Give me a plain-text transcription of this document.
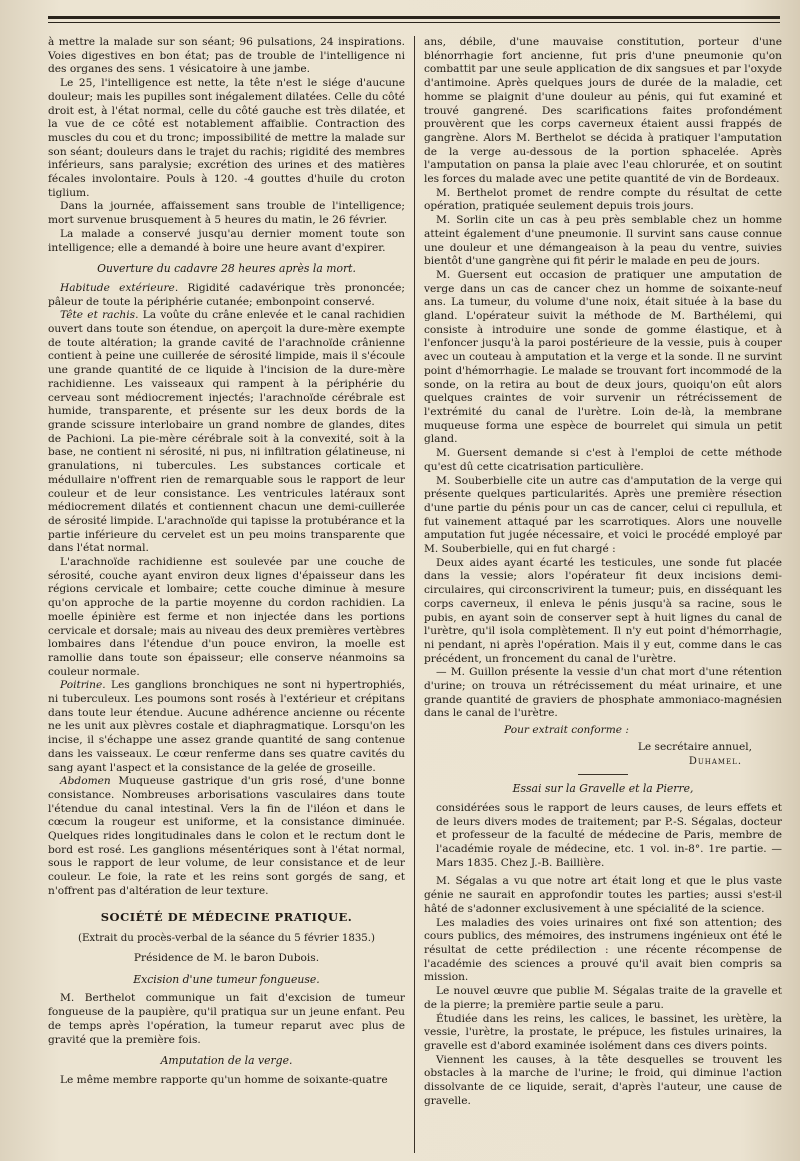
à mettre la malade sur son séant; 96 pulsations, 24 inspirations. Voies digestives en bon état; pas de trouble de l'intelligence ni des organes des sens. 1 vésicatoire à une jambe.

Le 25, l'intelligence est nette, la tête n'est le siége d'aucune douleur; mais les pupilles sont inégalement dilatées. Celle du côté droit est, à l'état normal, celle du côté gauche est très dilatée, et la vue de ce côté est notablement affaiblie. Contraction des muscles du cou et du tronc; impossibilité de mettre la malade sur son séant; douleurs dans le trajet du rachis; rigidité des membres inférieurs, sans paralysie; excrétion des urines et des matières fécales involontaire. Pouls à 120. -4 gouttes d'huile du croton tiglium.

Dans la journée, affaissement sans trouble de l'intelligence; mort survenue brusquement à 5 heures du matin, le 26 février.

La malade a conservé jusqu'au dernier moment toute son intelligence; elle a demandé à boire une heure avant d'expirer.

Ouverture du cadavre 28 heures après la mort.

Habitude extérieure. Rigidité cadavérique très prononcée; pâleur de toute la périphérie cutanée; embonpoint conservé.

Tête et rachis. La voûte du crâne enlevée et le canal rachidien ouvert dans toute son étendue, on aperçoit la dure-mère exempte de toute altération; la grande cavité de l'arachnoïde crânienne contient à peine une cuillerée de sérosité limpide, mais il s'écoule une grande quantité de ce liquide à l'incision de la dure-mère rachidienne. Les vaisseaux qui rampent à la périphérie du cerveau sont médiocrement injectés; l'arachnoïde cérébrale est humide, transparente, et présente sur les deux bords de la grande scissure interlobaire un grand nombre de glandes, dites de Pachioni. La pie-mère cérébrale soit à la convexité, soit à la base, ne contient ni sérosité, ni pus, ni infiltration gélatineuse, ni granulations, ni tubercules. Les substances corticale et médullaire n'offrent rien de remarquable sous le rapport de leur couleur et de leur consistance. Les ventricules latéraux sont médiocrement dilatés et contiennent chacun une demi-cuillerée de sérosité limpide. L'arachnoïde qui tapisse la protubérance et la partie inférieure du cervelet est un peu moins transparente que dans l'état normal.

L'arachnoïde rachidienne est soulevée par une couche de sérosité, couche ayant environ deux lignes d'épaisseur dans les régions cervicale et lombaire; cette couche diminue à mesure qu'on approche de la partie moyenne du cordon rachidien. La moelle épinière est ferme et non injectée dans les portions cervicale et dorsale; mais au niveau des deux premières vertèbres lombaires dans l'étendue d'un pouce environ, la moelle est ramollie dans toute son épaisseur; elle conserve néanmoins sa couleur normale.

Poitrine. Les ganglions bronchiques ne sont ni hypertrophiés, ni tuberculeux. Les poumons sont rosés à l'extérieur et crépitans dans toute leur étendue. Aucune adhérence ancienne ou récente ne les unit aux plèvres costale et diaphragmatique. Lorsqu'on les incise, il s'échappe une assez grande quantité de sang contenue dans les vaisseaux. Le cœur renferme dans ses quatre cavités du sang ayant l'aspect et la consistance de la gelée de groseille.

Abdomen Muqueuse gastrique d'un gris rosé, d'une bonne consistance. Nombreuses arborisations vasculaires dans toute l'étendue du canal intestinal. Vers la fin de l'iléon et dans le cœcum la rougeur est uniforme, et la consistance diminuée. Quelques rides longitudinales dans le colon et le rectum dont le bord est rosé. Les ganglions mésentériques sont à l'état normal, sous le rapport de leur volume, de leur consistance et de leur couleur. Le foie, la rate et les reins sont gorgés de sang, et n'offrent pas d'altération de leur texture.

SOCIÉTÉ DE MÉDECINE PRATIQUE.
(Extrait du procès-verbal de la séance du 5 février 1835.)
Présidence de M. le baron Dubois.
Excision d'une tumeur fongueuse.

M. Berthelot communique un fait d'excision de tumeur fongueuse de la paupière, qu'il pratiqua sur un jeune enfant. Peu de temps après l'opération, la tumeur reparut avec plus de gravité que la première fois.

Amputation de la verge.

Le même membre rapporte qu'un homme de soixante-quatre

ans, débile, d'une mauvaise constitution, porteur d'une blénorrhagie fort ancienne, fut pris d'une pneumonie qu'on combattit par une seule application de dix sangsues et par l'oxyde d'antimoine. Après quelques jours de durée de la maladie, cet homme se plaignit d'une douleur au pénis, qui fut examiné et trouvé gangrené. Des scarifications faites profondément prouvèrent que les corps caverneux étaient aussi frappés de gangrène. Alors M. Berthelot se décida à pratiquer l'amputation de la verge au-dessous de la portion sphacelée. Après l'amputation on pansa la plaie avec l'eau chlorurée, et on soutint les forces du malade avec une petite quantité de vin de Bordeaux.

M. Berthelot promet de rendre compte du résultat de cette opération, pratiquée seulement depuis trois jours.

M. Sorlin cite un cas à peu près semblable chez un homme atteint également d'une pneumonie. Il survint sans cause connue une douleur et une démangeaison à la peau du ventre, suivies bientôt d'une gangrène qui fit périr le malade en peu de jours.

M. Guersent eut occasion de pratiquer une amputation de verge dans un cas de cancer chez un homme de soixante-neuf ans. La tumeur, du volume d'une noix, était située à la base du gland. L'opérateur suivit la méthode de M. Barthélemi, qui consiste à introduire une sonde de gomme élastique, et à l'enfoncer jusqu'à la paroi postérieure de la vessie, puis à couper avec un couteau à amputation et la verge et la sonde. Il ne survint point d'hémorrhagie. Le malade se trouvant fort incommodé de la sonde, on la retira au bout de deux jours, quoiqu'on eût alors quelques craintes de voir survenir un rétrécissement de l'extrémité du canal de l'urètre. Loin de-là, la membrane muqueuse forma une espèce de bourrelet qui simula un petit gland.

M. Guersent demande si c'est à l'emploi de cette méthode qu'est dû cette cicatrisation particulière.

M. Souberbielle cite un autre cas d'amputation de la verge qui présente quelques particularités. Après une première résection d'une partie du pénis pour un cas de cancer, celui ci repullula, et fut vainement attaqué par les scarrotiques. Alors une nouvelle amputation fut jugée nécessaire, et voici le procédé employé par M. Souberbielle, qui en fut chargé :

Deux aides ayant écarté les testicules, une sonde fut placée dans la vessie; alors l'opérateur fit deux incisions demi-circulaires, qui circonscrivirent la tumeur; puis, en disséquant les corps caverneux, il enleva le pénis jusqu'à sa racine, sous le pubis, en ayant soin de conserver sept à huit lignes du canal de l'urètre, qu'il isola complètement. Il n'y eut point d'hémorrhagie, ni pendant, ni après l'opération. Mais il y eut, comme dans le cas précédent, un froncement du canal de l'urètre.

— M. Guillon présente la vessie d'un chat mort d'une rétention d'urine; on trouva un rétrécissement du méat urinaire, et une grande quantité de graviers de phosphate ammoniaco-magnésien dans le canal de l'urètre.

Pour extrait conforme :
Le secrétaire annuel,
Duhamel.
Essai sur la Gravelle et la Pierre,

considérées sous le rapport de leurs causes, de leurs effets et de leurs divers modes de traitement; par P.-S. Ségalas, docteur et professeur de la faculté de médecine de Paris, membre de l'académie royale de médecine, etc. 1 vol. in-8°. 1re partie. — Mars 1835. Chez J.-B. Baillière.

M. Ségalas a vu que notre art était long et que le plus vaste génie ne saurait en approfondir toutes les parties; aussi s'est-il hâté de s'adonner exclusivement à une spécialité de la science.

Les maladies des voies urinaires ont fixé son attention; des cours publics, des mémoires, des instrumens ingénieux ont été le résultat de cette prédilection : une récente récompense de l'académie des sciences a prouvé qu'il avait bien compris sa mission.

Le nouvel œuvre que publie M. Ségalas traite de la gravelle et de la pierre; la première partie seule a paru.

Étudiée dans les reins, les calices, le bassinet, les urètère, la vessie, l'urètre, la prostate, le prépuce, les fistules urinaires, la gravelle est d'abord examinée isolément dans ces divers points.

Viennent les causes, à la tête desquelles se trouvent les obstacles à la marche de l'urine; le froid, qui diminue l'action dissolvante de ce liquide, serait, d'après l'auteur, une cause de gravelle.
